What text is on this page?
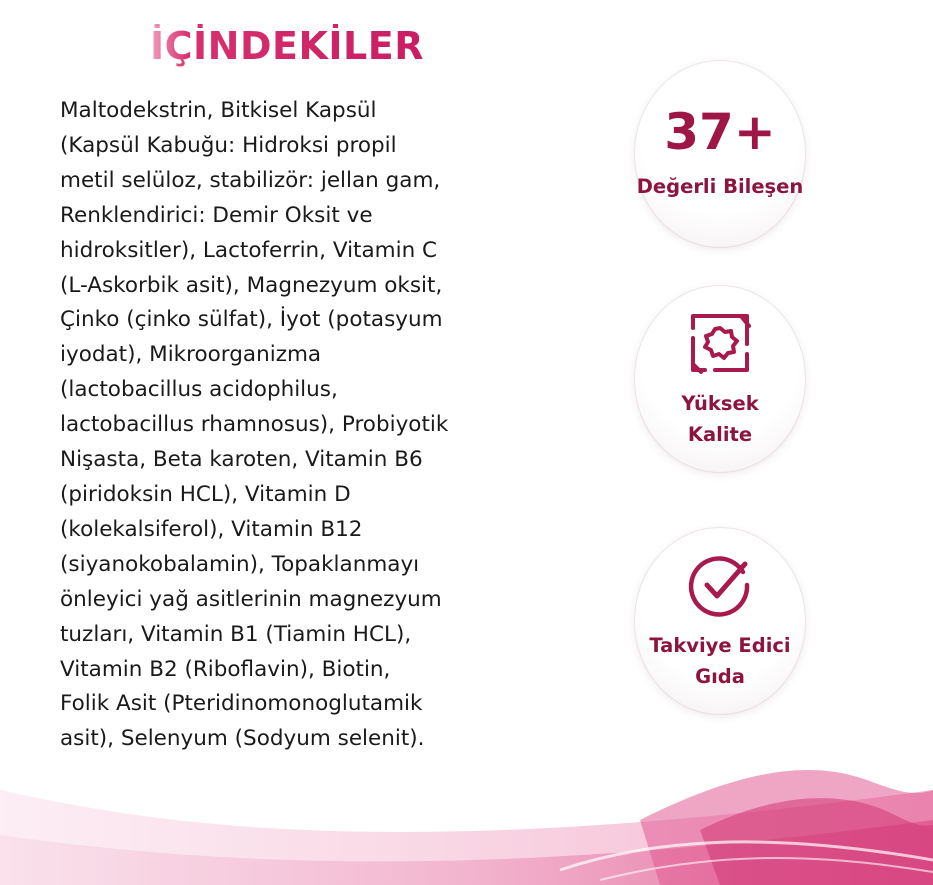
İÇİNDEKİLER

Maltodekstrin, Bitkisel Kapsül
(Kapsül Kabuğu: Hidroksi propil
metil selüloz, stabilizör: jellan gam,
Renklendirici: Demir Oksit ve
hidroksitler), Lactoferrin, Vitamin C
(L-Askorbik asit), Magnezyum oksit,
Çinko (çinko sülfat), İyot (potasyum
iyodat), Mikroorganizma
(lactobacillus acidophilus,
lactobacillus rhamnosus), Probiyotik
Nişasta, Beta karoten, Vitamin B6
(piridoksin HCL), Vitamin D
(kolekalsiferol), Vitamin B12
(siyanokobalamin), Topaklanmayı
önleyici yağ asitlerinin magnezyum
tuzları, Vitamin B1 (Tiamin HCL),
Vitamin B2 (Riboflavin), Biotin,
Folik Asit (Pteridinomonoglutamik
asit), Selenyum (Sodyum selenit).

37+
Değerli Bileşen
Yüksek
Kalite
Takviye Edici
Gıda
